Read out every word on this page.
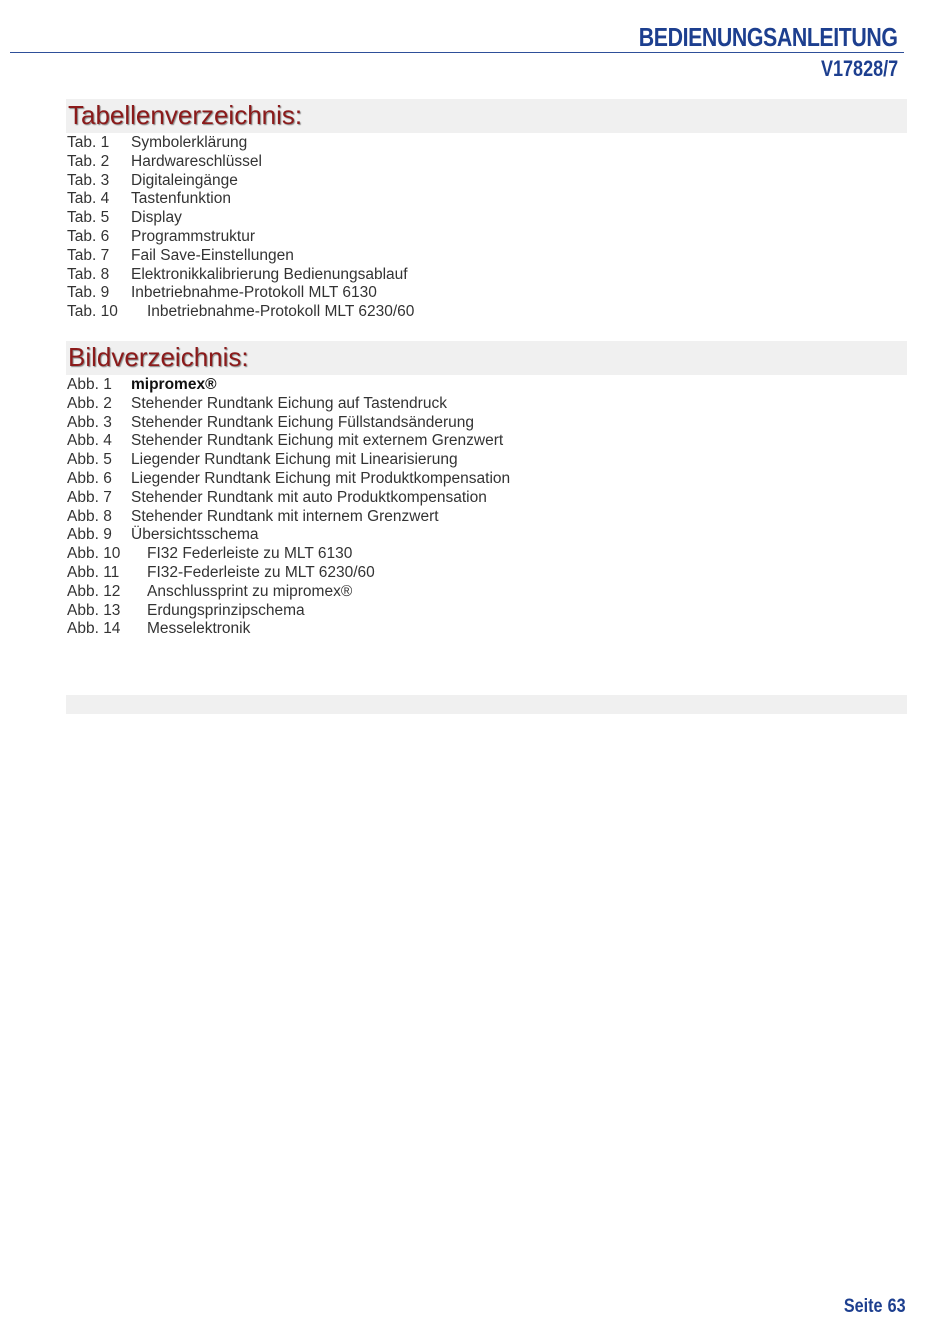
BEDIENUNGSANLEITUNG
V17828/7
Tabellenverzeichnis:
Tab. 1 Symbolerklärung
Tab. 2 Hardwareschlüssel
Tab. 3 Digitaleingänge
Tab. 4 Tastenfunktion
Tab. 5 Display
Tab. 6 Programmstruktur
Tab. 7 Fail Save-Einstellungen
Tab. 8 Elektronikkalibrierung Bedienungsablauf
Tab. 9 Inbetriebnahme-Protokoll MLT 6130
Tab. 10 Inbetriebnahme-Protokoll MLT 6230/60
Bildverzeichnis:
Abb. 1 mipromex®
Abb. 2 Stehender Rundtank Eichung auf Tastendruck
Abb. 3 Stehender Rundtank Eichung Füllstandsänderung
Abb. 4 Stehender Rundtank Eichung mit externem Grenzwert
Abb. 5 Liegender Rundtank Eichung mit Linearisierung
Abb. 6 Liegender Rundtank Eichung mit Produktkompensation
Abb. 7 Stehender Rundtank mit auto Produktkompensation
Abb. 8 Stehender Rundtank mit internem Grenzwert
Abb. 9 Übersichtsschema
Abb. 10 FI32 Federleiste zu MLT 6130
Abb. 11 FI32-Federleiste zu MLT 6230/60
Abb. 12 Anschlussprint zu mipromex®
Abb. 13 Erdungsprinzipschema
Abb. 14 Messelektronik
Seite 63
